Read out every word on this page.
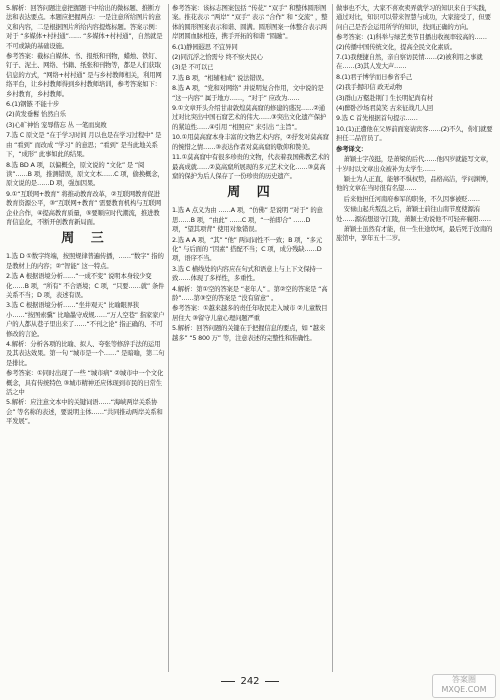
5.解析：回答问题注意把握题干中给出的微标题、推断方法和表达要点。本题应把握两点：一是注意所给图片的意义和内容，二是根据图片所给内容提炼标题。答案示例：对于 “多媒体+村村通”…… “多媒体+村村通”，自然就是不可或缺的基础设施。
参考答案：截标自媒体、书、报纸和刊物，蜡烛、铁钉、钉子、泥土、网络、书籍、纸张和刊物等，都是人们获取信息的方式，“网络+村村通” 是与乡村教师相关，利用网络平台，让乡村教师得到乡村教师培训，参考答案如下：乡村教育，乡村教师。
6.(1)钢镞 不能十步
(2)黄发垂髫 怡然自乐
(3)心旷神怡 宠辱偕忘 丛 一笔而臭败
7.选 C 原文是 “在于学习时间 月以也是在学习过程中” 是由 “看到” 而改成 “学习” 的意思；“看到” 是当此地关系下，“成形” 此事如此的结果。
8.选 BD A 项，以偏概全，原文说的 “文化” 是 “阅读”……B 项，推测错误，原文文本……C 项，偷换概念，原文说的是……D 项，强加因果。
9.①“互联网+教育” 将推动教育改革，②互联网教育促进教育资源公平，③“互联网+教育” 需要教育机构与互联网企业合作，④提高教育质量，⑤要顺应时代潮流，推进教育信息化，不断开创教育新局面。
周 三
1.选 D ①数字终端，按照规律普遍传播，……“数字” 指的是教材上的内容；②“智能” 这一特点。
2.选 A 根据语境分析……“一成不变” 说明本身较少变化……B 项，“所有” 不合语境；C 项，“只要……就” 条件关系不当；D 项，表述有误。
3.选 C 根据语境分析……“坐井观天” 比喻眼界狭小……“按图索骥” 比喻墨守成规……“万人空巷” 指家家户户的人都从巷子里出来了……“不刊之论” 指正确的、不可修改的言论。
4.解析：分析各项的比喻、拟人、夸张等修辞手法的运用及其表达效果。第一句 “城市是一个……” 是暗喻，第二句是排比。
参考答案：①同时出现了一些 “城市病” ②城市中一个文化概念，具有传统特色 ③城市精神还应体现到市民的日常生活之中
5.解析：应注意文本中的关键词语……“海峡两岸关系协会” 等名称的表述，要说明主体……“共同推动两岸关系和平发展”。
参考答案：该标志图案包括 “传花” “双手” 和整体圆形图案。推花表示 “两岸” “双手” 表示 “合作” 和 “交流” ，整体的圆形图案表示和谐、圆满。圆形图案一体整合表示两岸团圆血脉相连，携手开拓的和谐 “圆融”。
6.(1)静园遐思 不宜异同
(2)同沉浮之恰需兮 终不察夫民心
(3)是 不可以已
7.选 B 项，“相辅相成” 说法错误。
8.选 A 项，“党和对网络” 并说明复合作用，文中说的是 “这一内容” 属于地方……，“对于” 应改为……
9.①文章开头介绍甘肃敦煌莫高窟的修建的盛况……②通过对比突出中国石窟艺术的伟大……③突出文化遗产保护的紧迫性……④引用 “相照应” 来引出 “主旨”。
10.①用莫高窟本身丰富的文物艺术内容，②抒发对莫高窟的惋惜之情……③表达作者对莫高窟的敬仰和赞美。
11.①莫高窟中有很多珍贵的文物，代表着我国佛教艺术的最高成就……②莫高窟所展现的多元艺术文化……③莫高窟的保护为后人保存了一份珍贵的历史遗产。
周 四
1.选 A 点义为由 ……A 项，“仿佛” 是说明 “对于” 的意思……B 项，“由此” ……C 项，“一拍即合” ……D 项，“望其项背” 使用对象错误。
2.选 A A 项，“其” “他” 两词词性不一致；B 项，“多元化” 与后面的 “因素” 搭配不当；C 项，成分残缺……D 项，语序不当。
3.选 C 横线处的内容应在句式和语意上与上下文保持一致……体现了多样性，多重性。
4.解析：第①空的答案是 “老年人” 。第②空的答案是 “高龄”……第③空的答案是 “没有留意” 。
参考答案：①越来越多的责任年收民走入城市 ②儿童数目居住大 ③留守儿童心理问题严重
5.解析：回答问题的关键在于把握信息的要点，如 “越来越多” “5 800 万” 等，注意表述的完整性和准确性。
做事也不大，大家不喜欢卖弄就学习的知识来自于实践，通过对比，知识可以带来智慧与成功，大家接受了，但要问自己是否会运用所学的知识，找到正确的方向。
参考答案：(1)科举与绿艺类节目播出收视率较高的……(2)传播中国传统文化，提高全民文化素质。
7.(1)我便捷自然，亲自察访民情……(2)被利用之事就在……(3)其人发大声……
8.(1)君子博学而日参省乎己
(2)我手握印信 政无动物
(3)群山万壑赴荆门 生长明妃尚有村
(4)醉卧沙场君莫笑 古来征战几人回
9.选 C 首先根据首句提示……
10.(1)正遭他在父界前面宴请宾客……(2)不久，你们就要担任二品官员了。
参考译文：
萧颖士字茂挺，是萧梁的后代……他四岁就能写文章，十岁时以文章出众被补为太学生……
颖士为人正直，能够不惧权势，品格高洁，学问渊博，他的文章在当时很有名望……
后来他担任河南府参军的职务，不久因事被贬……
安禄山起兵叛乱之后，萧颖士前往山南节度使源洧处……源洧想退守江陵，萧颖士劝说他不可轻弃襄阳……
萧颖士虽然有才能，但一生仕途坎坷，最后死于汝南的旅馆中，享年五十二岁。
242	答案圈
MXQE.COM
